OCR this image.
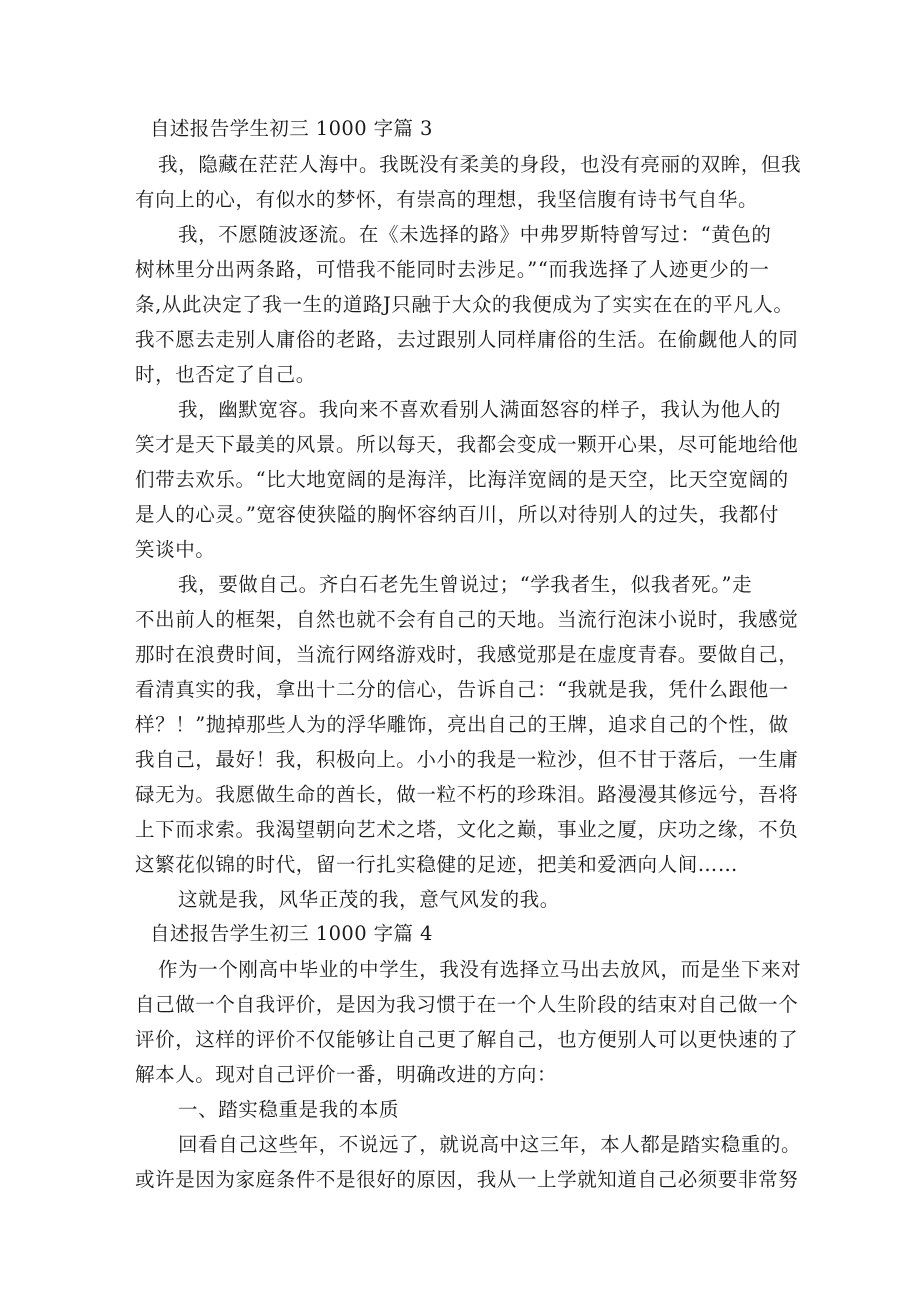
自述报告学生初三 1000 字篇 3
我，隐藏在茫茫人海中。我既没有柔美的身段，也没有亮丽的双眸，但我
有向上的心，有似水的梦怀，有崇高的理想，我坚信腹有诗书气自华。
我，不愿随波逐流。在《未选择的路》中弗罗斯特曾写过：“黄色的
树林里分出两条路，可惜我不能同时去涉足。”“而我选择了人迹更少的一
条,从此决定了我一生的道路J只融于大众的我便成为了实实在在的平凡人。
我不愿去走别人庸俗的老路，去过跟别人同样庸俗的生活。在偷觑他人的同
时，也否定了自己。
我，幽默宽容。我向来不喜欢看别人满面怒容的样子，我认为他人的
笑才是天下最美的风景。所以每天，我都会变成一颗开心果，尽可能地给他
们带去欢乐。“比大地宽阔的是海洋，比海洋宽阔的是天空，比天空宽阔的
是人的心灵。”宽容使狭隘的胸怀容纳百川，所以对待别人的过失，我都付
笑谈中。
我，要做自己。齐白石老先生曾说过；“学我者生，似我者死。”走
不出前人的框架，自然也就不会有自己的天地。当流行泡沫小说时，我感觉
那时在浪费时间，当流行网络游戏时，我感觉那是在虚度青春。要做自己，
看清真实的我，拿出十二分的信心，告诉自己：“我就是我，凭什么跟他一
样？！”抛掉那些人为的浮华雕饰，亮出自己的王牌，追求自己的个性，做
我自己，最好！我，积极向上。小小的我是一粒沙，但不甘于落后，一生庸
碌无为。我愿做生命的酋长，做一粒不朽的珍珠泪。路漫漫其修远兮，吾将
上下而求索。我渴望朝向艺术之塔，文化之巅，事业之厦，庆功之缘，不负
这繁花似锦的时代，留一行扎实稳健的足迹，把美和爱洒向人间……
这就是我，风华正茂的我，意气风发的我。
自述报告学生初三 1000 字篇 4
作为一个刚高中毕业的中学生，我没有选择立马出去放风，而是坐下来对
自己做一个自我评价，是因为我习惯于在一个人生阶段的结束对自己做一个
评价，这样的评价不仅能够让自己更了解自己，也方便别人可以更快速的了
解本人。现对自己评价一番，明确改进的方向：
一、踏实稳重是我的本质
回看自己这些年，不说远了，就说高中这三年，本人都是踏实稳重的。
或许是因为家庭条件不是很好的原因，我从一上学就知道自己必须要非常努
